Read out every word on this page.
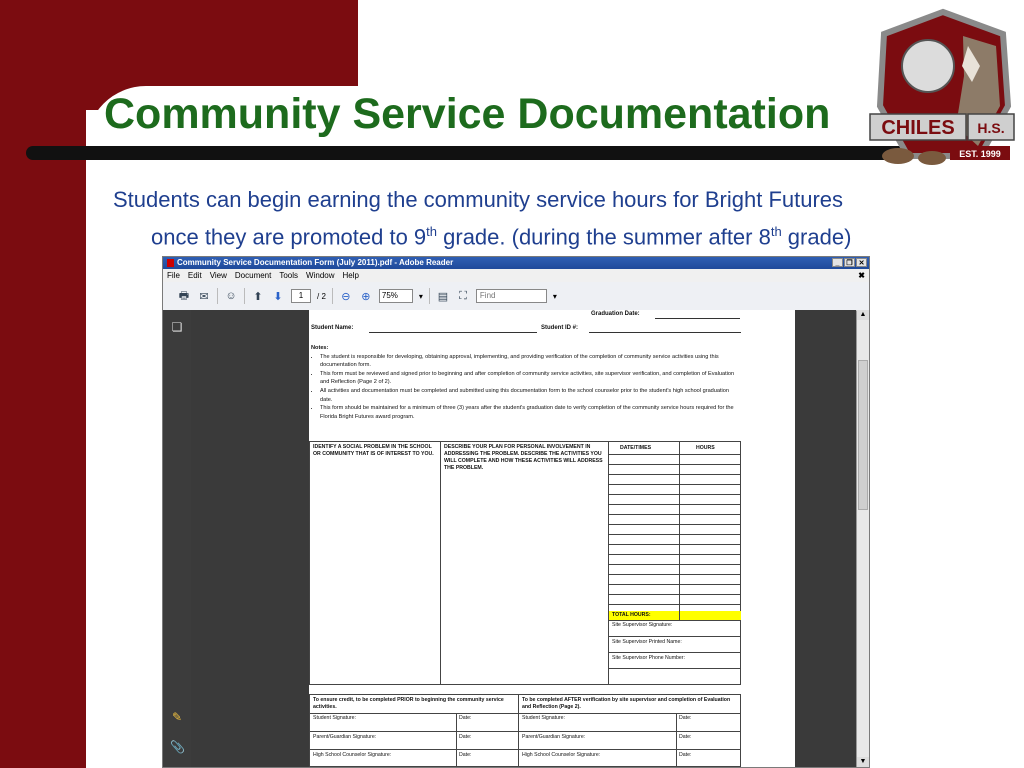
Community Service Documentation
Students can begin earning the community service hours for Bright Futures
once they are promoted to 9th grade. (during the summer after 8th grade)
CHILES H.S.
EST. 1999
Community Service Documentation Form (July 2011).pdf - Adobe Reader	_ ❐ ✕
File Edit View Document Tools Window Help	✖
🖶 ✉ ☺ ⬆ ⬇	1	/ 2 ⊖ ⊕	75%	▾ ▤ ⛶	Find	▾
❏
✎
📎
Graduation Date:
Student Name:	Student ID #:
Notes:
• The student is responsible for developing, obtaining approval, implementing, and providing verification of the completion of community service activities using this documentation form.
• This form must be reviewed and signed prior to beginning and after completion of community service activities, site supervisor verification, and completion of Evaluation and Reflection (Page 2 of 2).
• All activities and documentation must be completed and submitted using this documentation form to the school counselor prior to the student's high school graduation date.
• This form should be maintained for a minimum of three (3) years after the student's graduation date to verify completion of the community service hours required for the Florida Bright Futures award program.
IDENTIFY A SOCIAL PROBLEM IN THE SCHOOL OR COMMUNITY THAT IS OF INTEREST TO YOU.
DESCRIBE YOUR PLAN FOR PERSONAL INVOLVEMENT IN ADDRESSING THE PROBLEM. DESCRIBE THE ACTIVITIES YOU WILL COMPLETE AND HOW THESE ACTIVITIES WILL ADDRESS THE PROBLEM.
DATE/TIMES	HOURS
TOTAL HOURS:
Site Supervisor Signature:
Site Supervisor Printed Name:
Site Supervisor Phone Number:
To ensure credit, to be completed PRIOR to beginning the community service activities.
To be completed AFTER verification by site supervisor and completion of Evaluation and Reflection (Page 2).
Student Signature:	Date:	Student Signature:	Date:
Parent/Guardian Signature:	Date:	Parent/Guardian Signature:	Date:
High School Counselor Signature:	Date:	High School Counselor Signature:	Date:
▲
▼
